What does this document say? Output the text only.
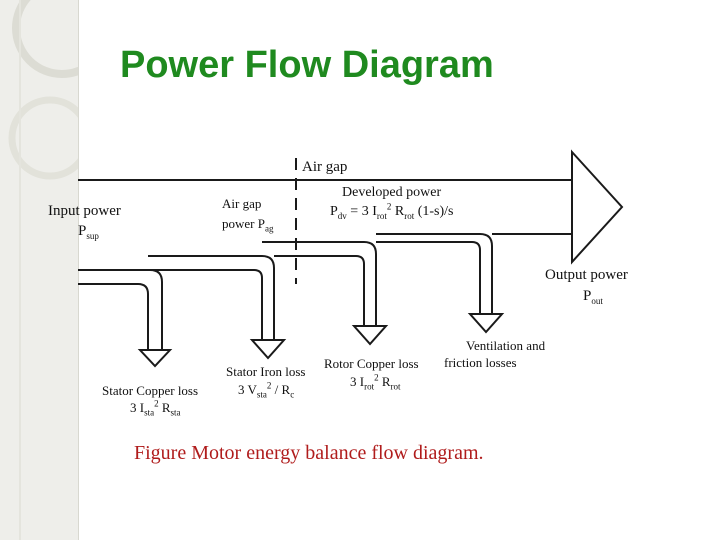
Power Flow Diagram
Air gap
Input power
$P_{sup}$
Air gap
power $P_{ag}$
Developed power
$P_{dv} = 3$ $I_{rot}^2$ $R_{rot}$ (1-s)/s
Output power
$P_{out}$
Stator Copper loss
3 $I_{sta}^2$ $R_{sta}$
Stator Iron loss
3 $V_{sta}^2 / R_c$
Rotor Copper loss
3 $I_{rot}^2$ $R_{rot}$
Ventilation and
friction losses
Figure Motor energy balance flow diagram.
